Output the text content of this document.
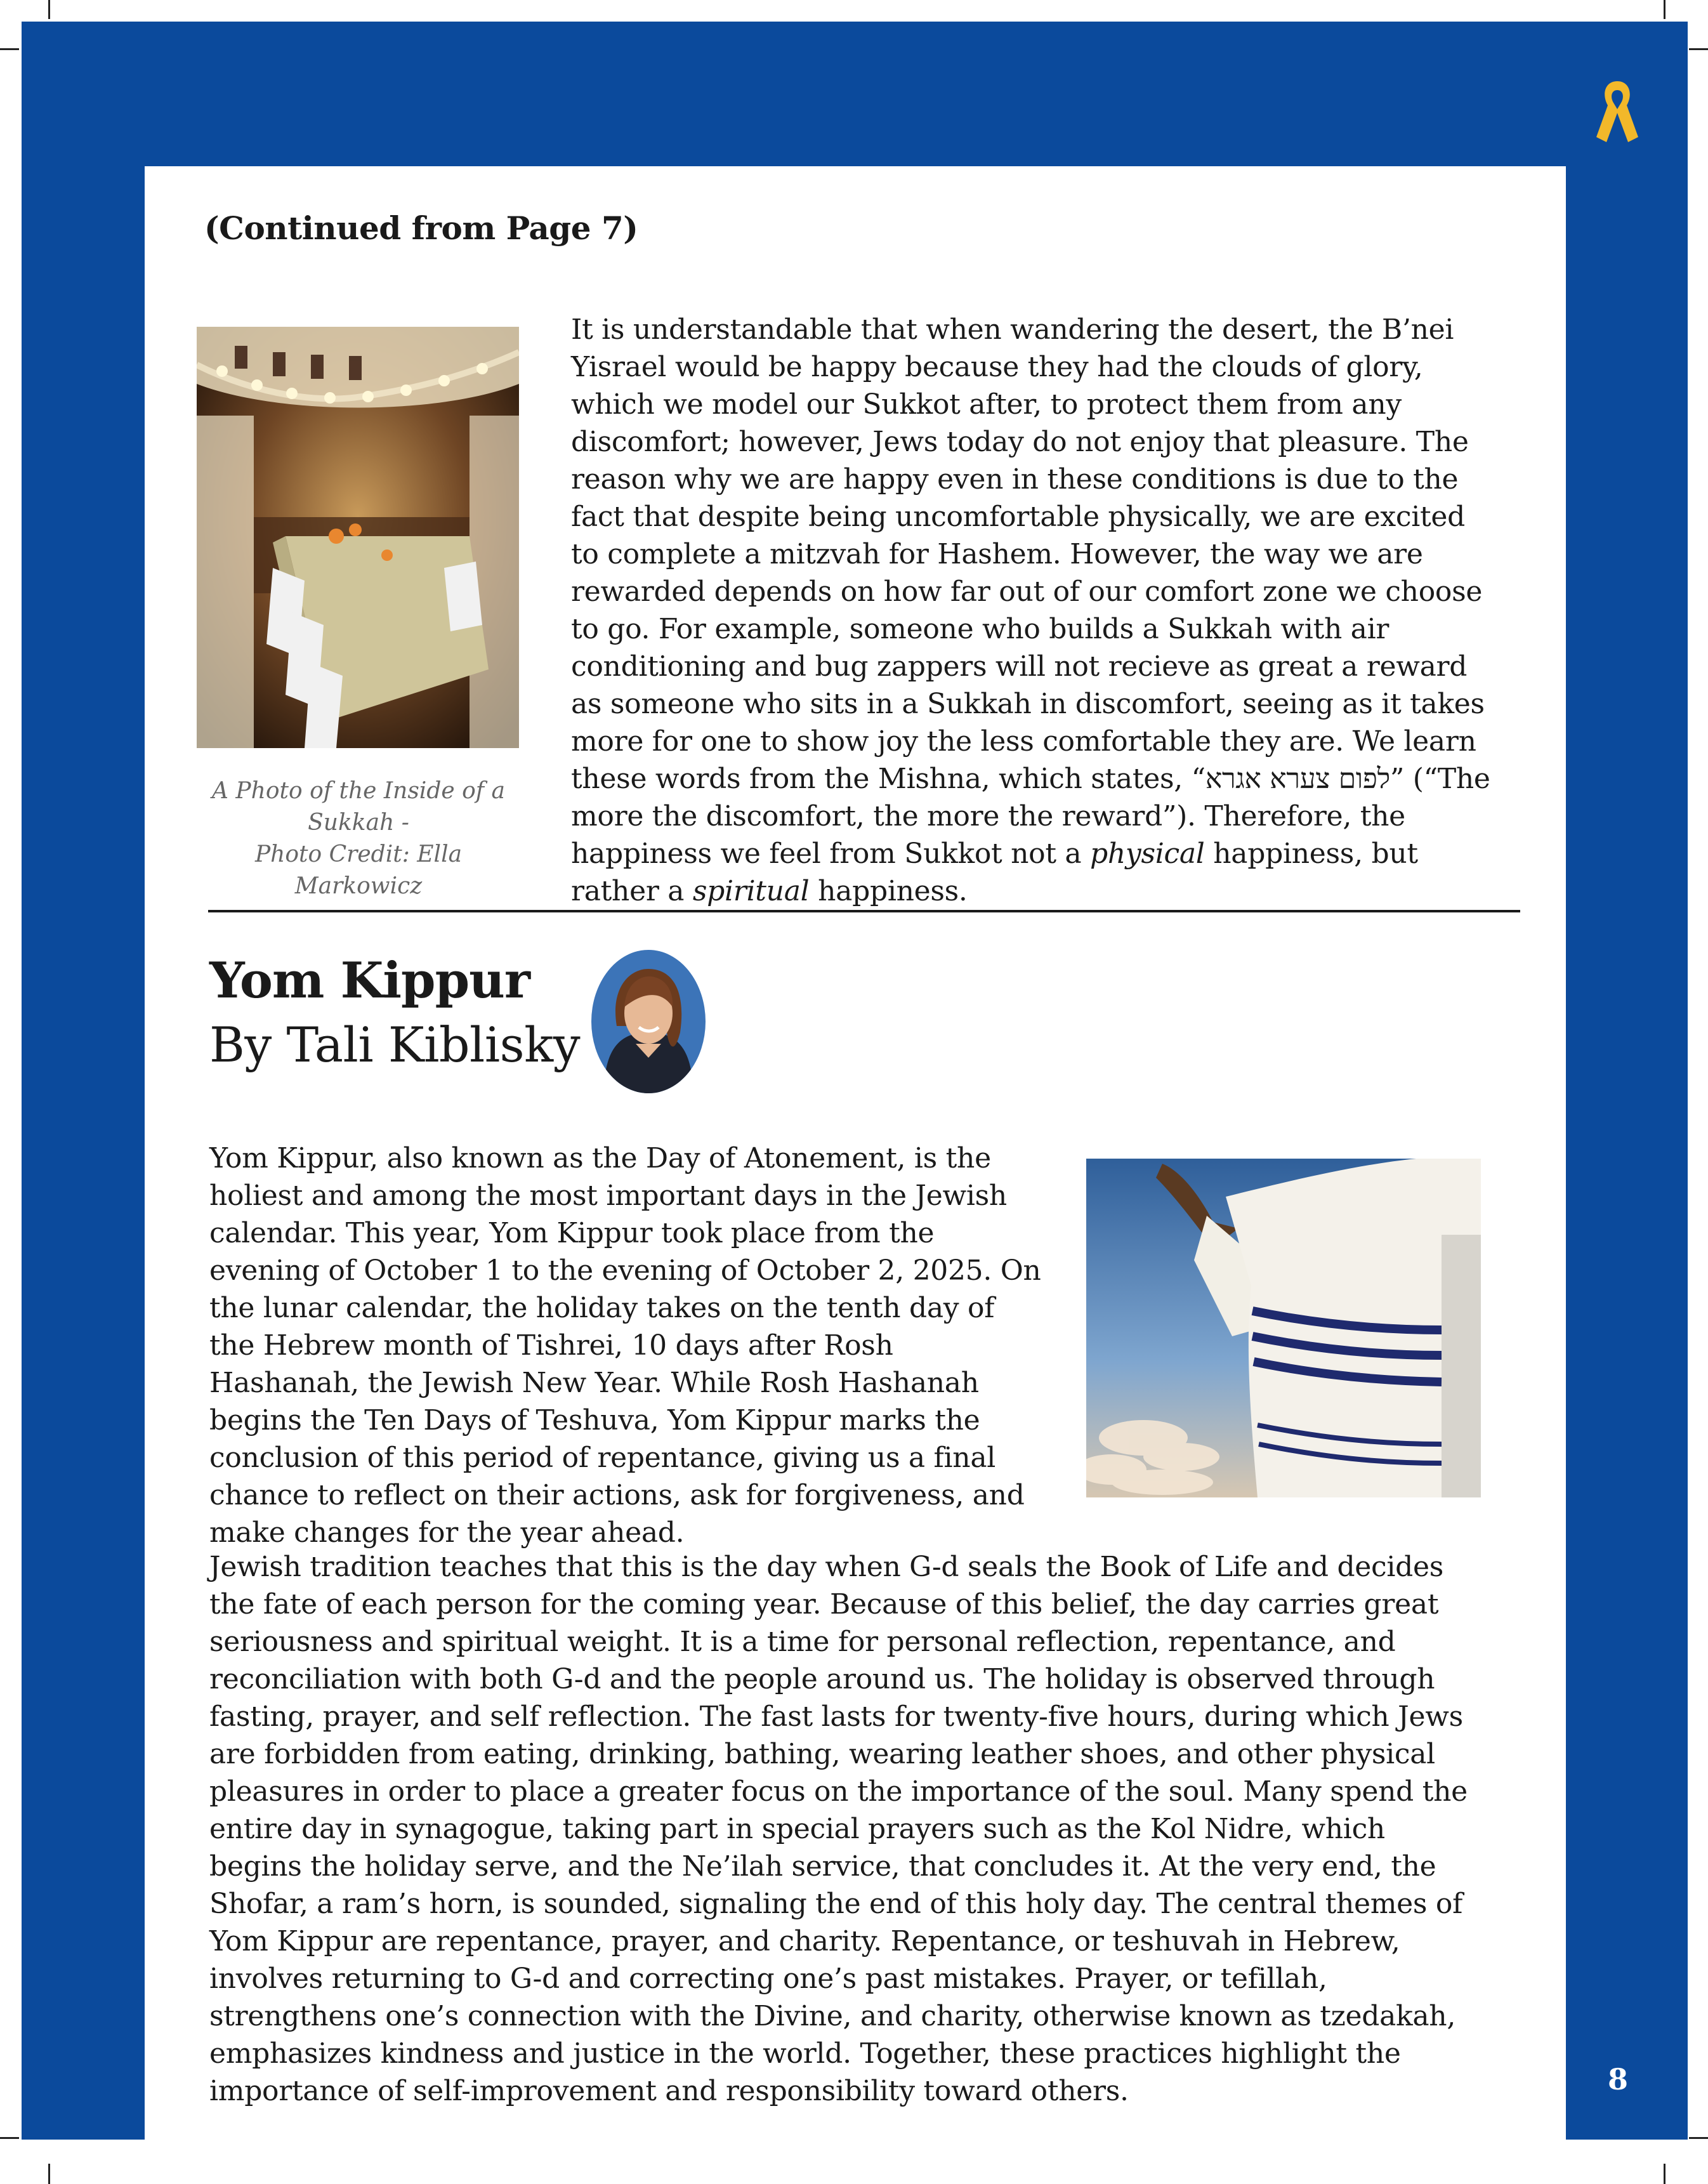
8
(Continued from Page 7)
A Photo of the Inside of a
Sukkah -
Photo Credit: Ella Markowicz

It is understandable that when wandering the desert, the B’nei Yisrael would be happy because they had the clouds of glory, which we model our Sukkot after, to protect them from any discomfort; however, Jews today do not enjoy that pleasure. The reason why we are happy even in these conditions is due to the fact that despite being uncomfortable physically, we are excited to complete a mitzvah for Hashem. However, the way we are rewarded depends on how far out of our comfort zone we choose to go. For example, someone who builds a Sukkah with air conditioning and bug zappers will not recieve as great a reward as someone who sits in a Sukkah in discomfort, seeing as it takes more for one to show joy the less comfortable they are. We learn these words from the Mishna, which states, “לפום צערא אגרא” (“The more the discomfort, the more the reward”). Therefore, the happiness we feel from Sukkot not a physical happiness, but rather a spiritual happiness.

Yom Kippur
By Tali Kiblisky

Yom Kippur, also known as the Day of Atonement, is the holiest and among the most important days in the Jewish calendar. This year, Yom Kippur took place from the evening of October 1 to the evening of October 2, 2025. On the lunar calendar, the holiday takes on the tenth day of the Hebrew month of Tishrei, 10 days after Rosh Hashanah, the Jewish New Year. While Rosh Hashanah begins the Ten Days of Teshuva, Yom Kippur marks the conclusion of this period of repentance, giving us a final chance to reflect on their actions, ask for forgiveness, and make changes for the year ahead.

Jewish tradition teaches that this is the day when G-d seals the Book of Life and decides the fate of each person for the coming year. Because of this belief, the day carries great seriousness and spiritual weight. It is a time for personal reflection, repentance, and reconciliation with both G-d and the people around us. The holiday is observed through fasting, prayer, and self reflection. The fast lasts for twenty-five hours, during which Jews are forbidden from eating, drinking, bathing, wearing leather shoes, and other physical pleasures in order to place a greater focus on the importance of the soul. Many spend the entire day in synagogue, taking part in special prayers such as the Kol Nidre, which begins the holiday serve, and the Ne’ilah service, that concludes it. At the very end, the Shofar, a ram’s horn, is sounded, signaling the end of this holy day. The central themes of Yom Kippur are repentance, prayer, and charity. Repentance, or teshuvah in Hebrew, involves returning to G-d and correcting one’s past mistakes. Prayer, or tefillah, strengthens one’s connection with the Divine, and charity, otherwise known as tzedakah, emphasizes kindness and justice in the world. Together, these practices highlight the importance of self-improvement and responsibility toward others.
